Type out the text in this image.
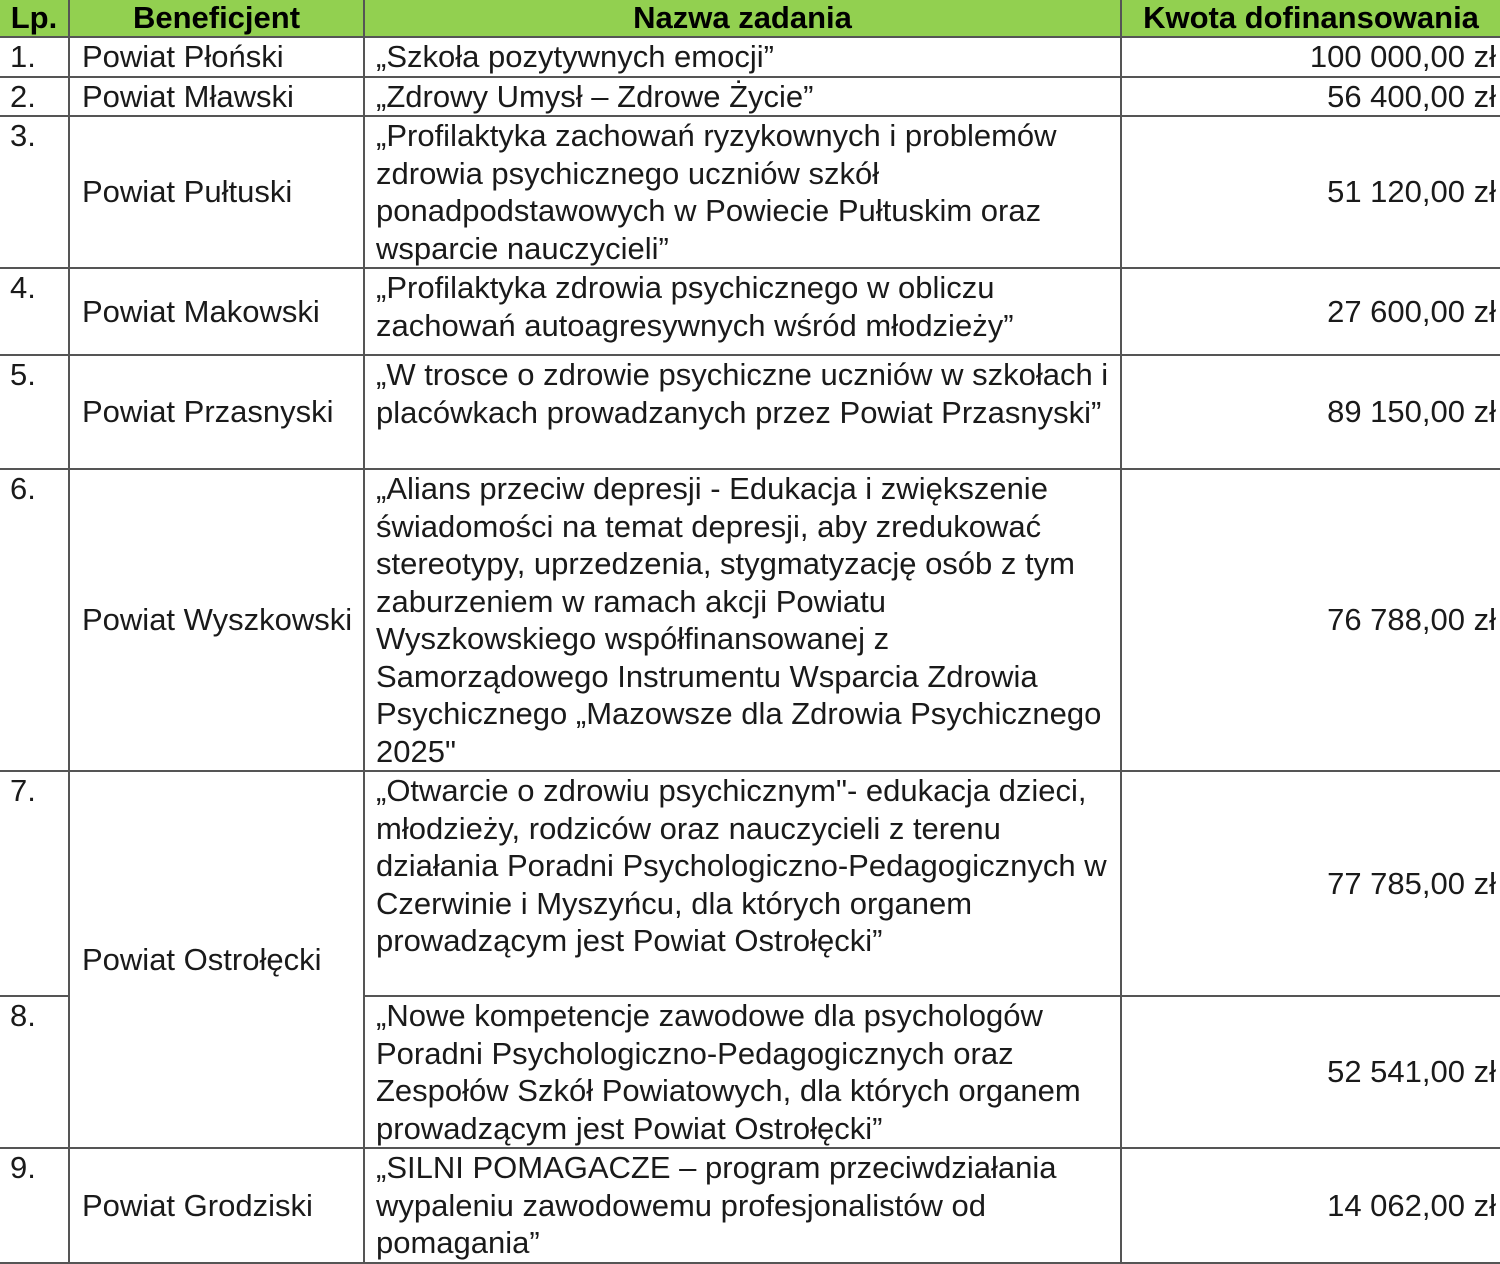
Lp.	Beneficjent	Nazwa zadania	Kwota dofinansowania
1.	Powiat Płoński	„Szkoła pozytywnych emocji”	100 000,00 zł
2.	Powiat Mławski	„Zdrowy Umysł – Zdrowe Życie”	56 400,00 zł
3.	Powiat Pułtuski	„Profilaktyka zachowań ryzykownych i problemów zdrowia psychicznego uczniów szkół ponadpodstawowych w Powiecie Pułtuskim oraz wsparcie nauczycieli”	51 120,00 zł
4.	Powiat Makowski	„Profilaktyka zdrowia psychicznego w obliczu zachowań autoagresywnych wśród młodzieży”	27 600,00 zł
5.	Powiat Przasnyski	„W trosce o zdrowie psychiczne uczniów w szkołach i placówkach prowadzanych przez Powiat Przasnyski”	89 150,00 zł
6.	Powiat Wyszkowski	„Alians przeciw depresji - Edukacja i zwiększenie świadomości na temat depresji, aby zredukować stereotypy, uprzedzenia, stygmatyzację osób z tym zaburzeniem w ramach akcji Powiatu Wyszkowskiego współfinansowanej z Samorządowego Instrumentu Wsparcia Zdrowia Psychicznego „Mazowsze dla Zdrowia Psychicznego 2025"	76 788,00 zł
7.	Powiat Ostrołęcki	„Otwarcie o zdrowiu psychicznym"- edukacja dzieci, młodzieży, rodziców oraz nauczycieli z terenu działania Poradni Psychologiczno-Pedagogicznych w Czerwinie i Myszyńcu, dla których organem prowadzącym jest Powiat Ostrołęcki”	77 785,00 zł
8.		„Nowe kompetencje zawodowe dla psychologów Poradni Psychologiczno-Pedagogicznych oraz Zespołów Szkół Powiatowych, dla których organem prowadzącym jest Powiat Ostrołęcki”	52 541,00 zł
9.	Powiat Grodziski	„SILNI POMAGACZE – program przeciwdziałania wypaleniu zawodowemu profesjonalistów od pomagania”	14 062,00 zł
